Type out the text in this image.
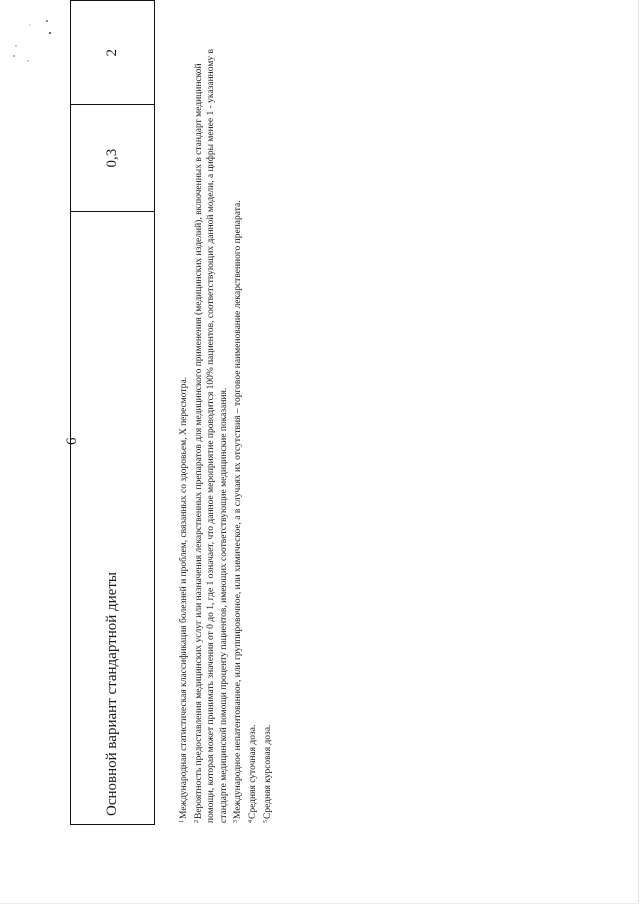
6
Основной вариант стандартной диеты	0,3	2

$^1$Международная статистическая классификация болезней и проблем, связанных со здоровьем, X пересмотра.

$^2$Вероятность предоставления медицинских услуг или назначения лекарственных препаратов для медицинского применения (медицинских изделий), включенных в стандарт медицинской помощи, которая может принимать значения от 0 до 1, где 1 означает, что данное мероприятие проводится 100% пациентов, соответствующих данной модели, а цифры менее 1 - указанному в стандарте медицинской помощи проценту пациентов, имеющих соответствующие медицинские показания. $^3$Международное непатентованное, или группировочное, или химическое, а в случаях их отсутствия – торговое наименование лекарственного препарата.

$^4$Средняя суточная доза.

$^5$Средняя курсовая доза.
